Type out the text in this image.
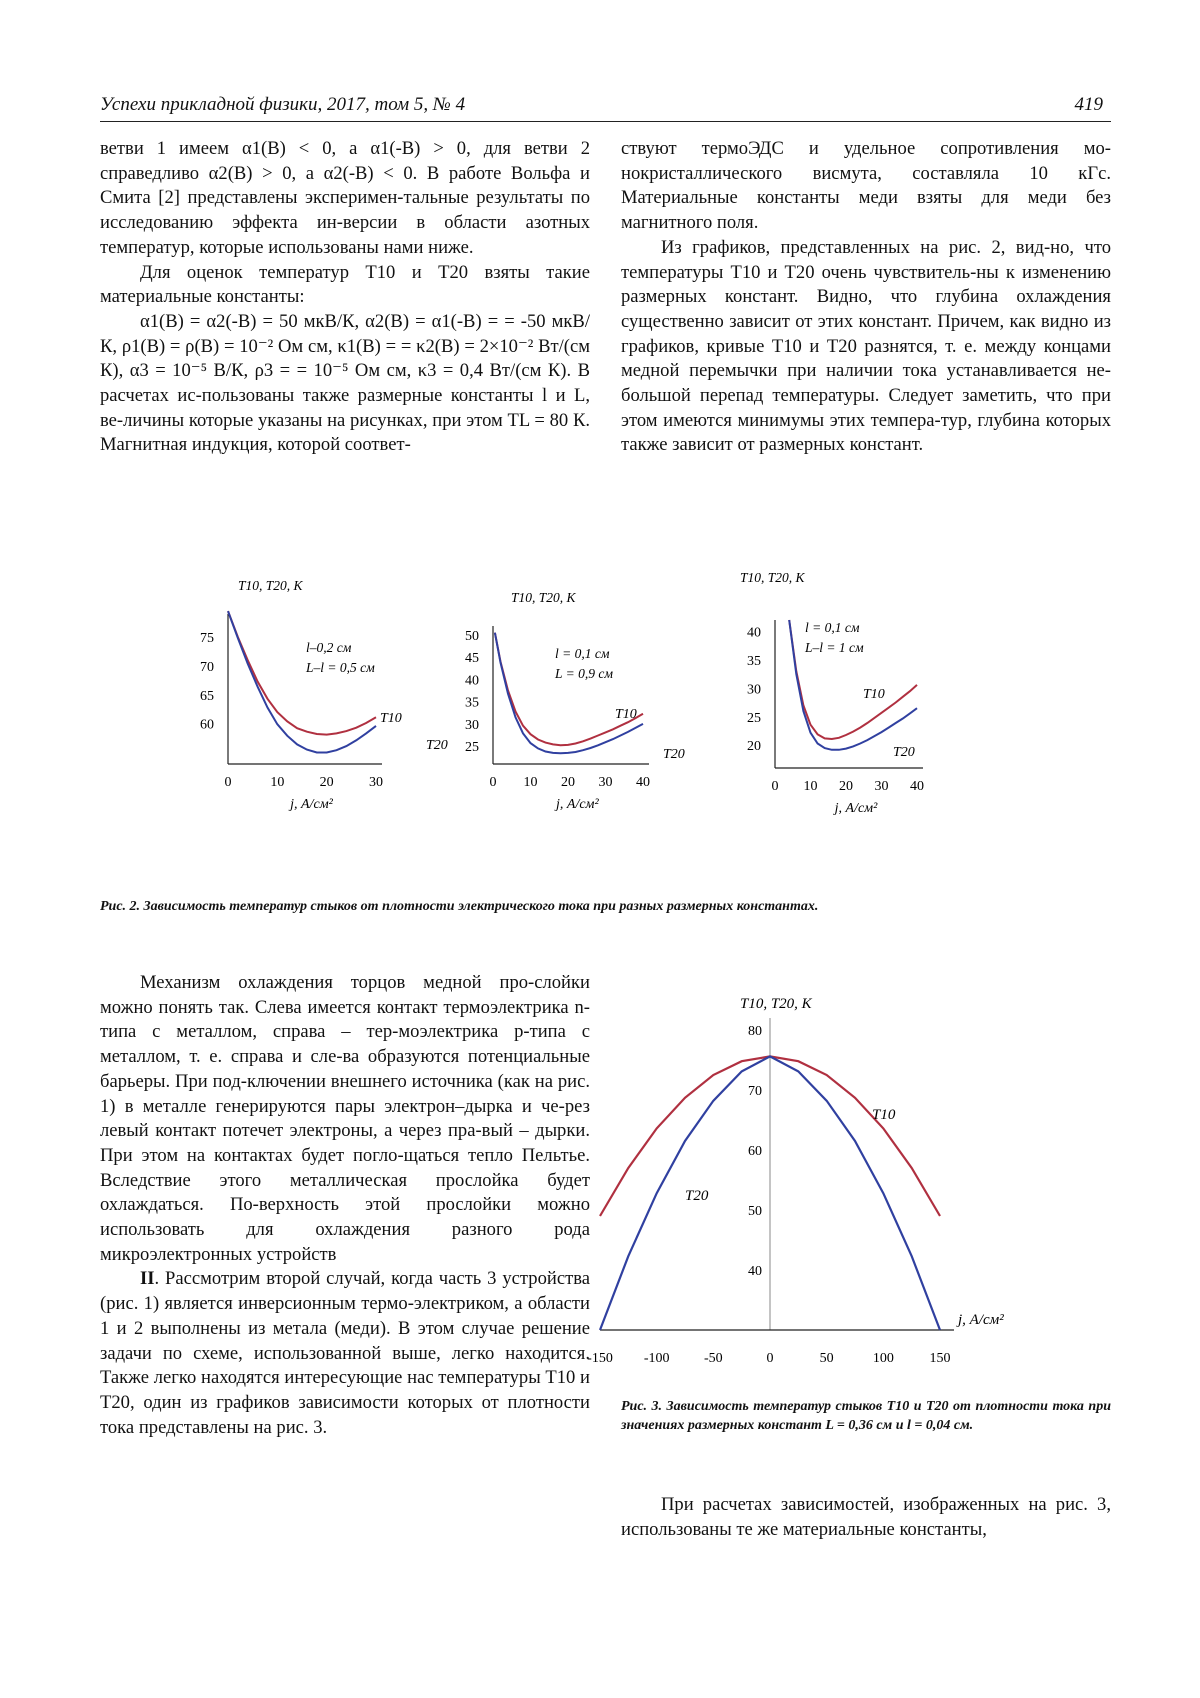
Успехи прикладной физики, 2017, том 5, № 4	419

ветви 1 имеем α1(B) < 0, а α1(-B) > 0, для ветви 2 справедливо α2(B) > 0, а α2(-B) < 0. В работе Вольфа и Смита [2] представлены эксперимен-тальные результаты по исследованию эффекта ин-версии в области азотных температур, которые использованы нами ниже.

Для оценок температур T10 и T20 взяты такие материальные константы:

α1(B) = α2(-B) = 50 мкВ/К, α2(B) = α1(-B) = = -50 мкВ/К, ρ1(B) = ρ(B) = 10⁻² Ом см, κ1(B) = = κ2(B) = 2×10⁻² Вт/(см К), α3 = 10⁻⁵ В/К, ρ3 = = 10⁻⁵ Ом см, κ3 = 0,4 Вт/(см К). В расчетах ис-пользованы также размерные константы l и L, ве-личины которые указаны на рисунках, при этом TL = 80 К. Магнитная индукция, которой соответ-

ствуют термоЭДС и удельное сопротивления мо-нокристаллического висмута, составляла 10 кГс. Материальные константы меди взяты для меди без магнитного поля.

Из графиков, представленных на рис. 2, вид-но, что температуры T10 и T20 очень чувствитель-ны к изменению размерных констант. Видно, что глубина охлаждения существенно зависит от этих констант. Причем, как видно из графиков, кривые T10 и T20 разнятся, т. е. между концами медной перемычки при наличии тока устанавливается не-большой перепад температуры. Следует заметить, что при этом имеются минимумы этих темпера-тур, глубина которых также зависит от размерных констант.

60
65
70
75
0	10	20	30
T10, T20, К
j, А/см²
T10
T20
l–0,2 см
L–l = 0,5 см
25
30
35
40
45
50
0 10 20 30 40
T10, T20, К
j, А/см²
T10
T20
l = 0,1 см
L = 0,9 см
20
25
30
35
40
0 10 20 30 40
T10, T20, К
j, А/см²
T10
T20
l = 0,1 см
L–l = 1 см
Рис. 2. Зависимость температур стыков от плотности электрического тока при разных размерных константах.

Механизм охлаждения торцов медной про-слойки можно понять так. Слева имеется контакт термоэлектрика n-типа с металлом, справа – тер-моэлектрика p-типа с металлом, т. е. справа и сле-ва образуются потенциальные барьеры. При под-ключении внешнего источника (как на рис. 1) в металле генерируются пары электрон–дырка и че-рез левый контакт потечет электроны, а через пра-вый – дырки. При этом на контактах будет погло-щаться тепло Пельтье. Вследствие этого металлическая прослойка будет охлаждаться. По-верхность этой прослойки можно использовать для охлаждения разного рода микроэлектронных устройств

II. Рассмотрим второй случай, когда часть 3 устройства (рис. 1) является инверсионным термо-электриком, а области 1 и 2 выполнены из метала (меди). В этом случае решение задачи по схеме, использованной выше, легко находится. Также легко находятся интересующие нас температуры T10 и T20, один из графиков зависимости которых от плотности тока представлены на рис. 3.

40
50
60
70
80
-150 -100 -50	0	50	100	150
T10, T20, К
j, А/см²
T10
T20
Рис. 3. Зависимость температур стыков T10 и T20 от плотности тока при значениях размерных констант L = 0,36 см и l = 0,04 см.

При расчетах зависимостей, изображенных на рис. 3, использованы те же материальные константы,
